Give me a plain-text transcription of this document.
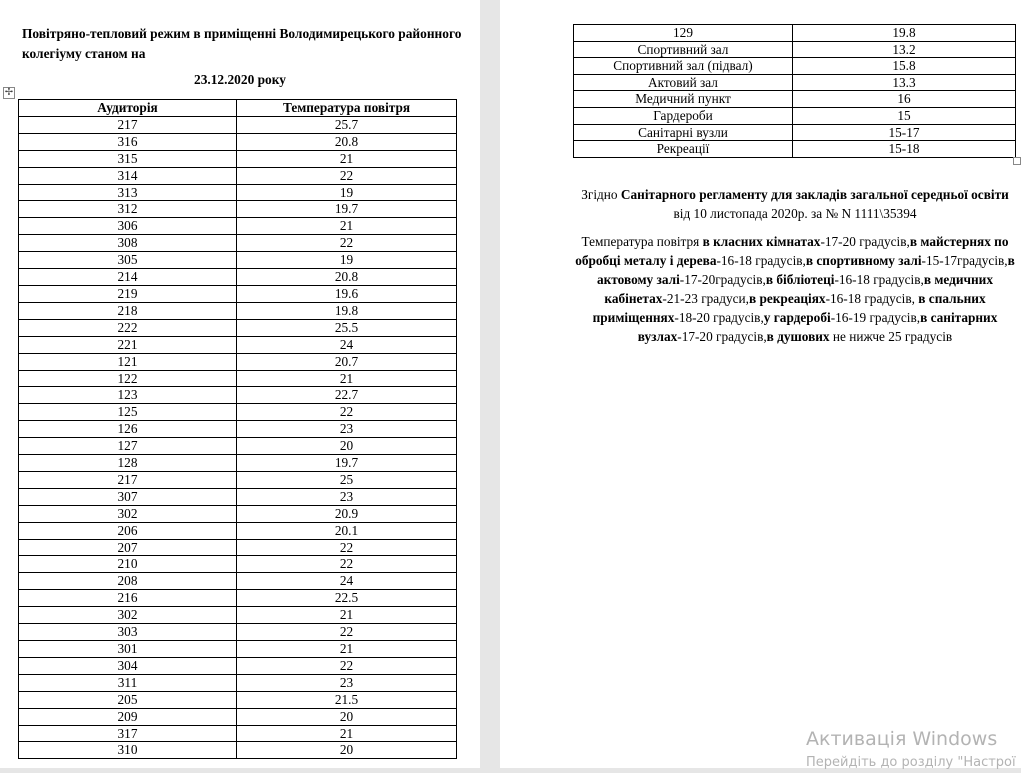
Повітряно-тепловий режим в приміщенні Володимирецького районного колегіуму станом на
23.12.2020 року
✢
Аудиторія	Температура повітря
217	25.7
316	20.8
315	21
314	22
313	19
312	19.7
306	21
308	22
305	19
214	20.8
219	19.6
218	19.8
222	25.5
221	24
121	20.7
122	21
123	22.7
125	22
126	23
127	20
128	19.7
217	25
307	23
302	20.9
206	20.1
207	22
210	22
208	24
216	22.5
302	21
303	22
301	21
304	22
311	23
205	21.5
209	20
317	21
310	20
129	19.8
Спортивний зал	13.2
Спортивний зал (підвал)	15.8
Актовий зал	13.3
Медичний пункт	16
Гардероби	15
Санітарні вузли	15-17
Рекреації	15-18
Згідно Санітарного регламенту для закладів загальної середньої освіти
від 10 листопада 2020р. за № N 1111\35394
Температура повітря в класних кімнатах-17-20 градусів,в майстернях по обробці металу і дерева-16-18 градусів,в спортивному залі-15-17градусів,в актовому залі-17-20градусів,в бібліотеці-16-18 градусів,в медичних кабінетах-21-23 градуси,в рекреаціях-16-18 градусів, в спальних приміщеннях-18-20 градусів,у гардеробі-16-19 градусів,в санітарних вузлах-17-20 градусів,в душових не нижче 25 градусів
Активація Windows
Перейдіть до розділу "Настрої
